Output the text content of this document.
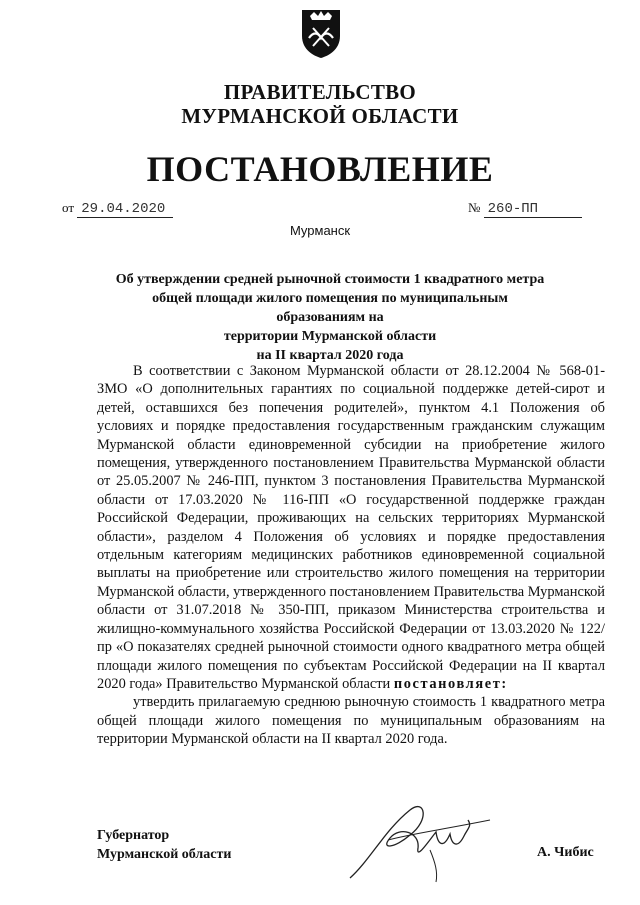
ПРАВИТЕЛЬСТВО
МУРМАНСКОЙ ОБЛАСТИ
ПОСТАНОВЛЕНИЕ
от 29.04.2020	№ 260-ПП
Мурманск
Об утверждении средней рыночной стоимости 1 квадратного метра
общей площади жилого помещения по муниципальным образованиям на
территории Мурманской области
на II квартал 2020 года

В соответствии с Законом Мурманской области от 28.12.2004 № 568-01-ЗМО «О дополнительных гарантиях по социальной поддержке детей-сирот и детей, оставшихся без попечения родителей», пунктом 4.1 Положения об условиях и порядке предоставления государственным гражданским служащим Мурманской области единовременной субсидии на приобретение жилого помещения, утвержденного постановлением Правительства Мурманской области от 25.05.2007 № 246-ПП, пунктом 3 постановления Правительства Мурманской области от 17.03.2020 № 116-ПП «О государственной поддержке граждан Российской Федерации, проживающих на сельских территориях Мурманской области», разделом 4 Положения об условиях и порядке предоставления отдельным категориям медицинских работников единовременной социальной выплаты на приобретение или строительство жилого помещения на территории Мурманской области, утвержденного постановлением Правительства Мурманской области от 31.07.2018 № 350-ПП, приказом Министерства строительства и жилищно-коммунального хозяйства Российской Федерации от 13.03.2020 № 122/пр «О показателях средней рыночной стоимости одного квадратного метра общей площади жилого помещения по субъектам Российской Федерации на II квартал 2020 года» Правительство Мурманской области постановляет:

утвердить прилагаемую среднюю рыночную стоимость 1 квадратного метра общей площади жилого помещения по муниципальным образованиям на территории Мурманской области на II квартал 2020 года.

Губернатор
Мурманской области	А. Чибис
